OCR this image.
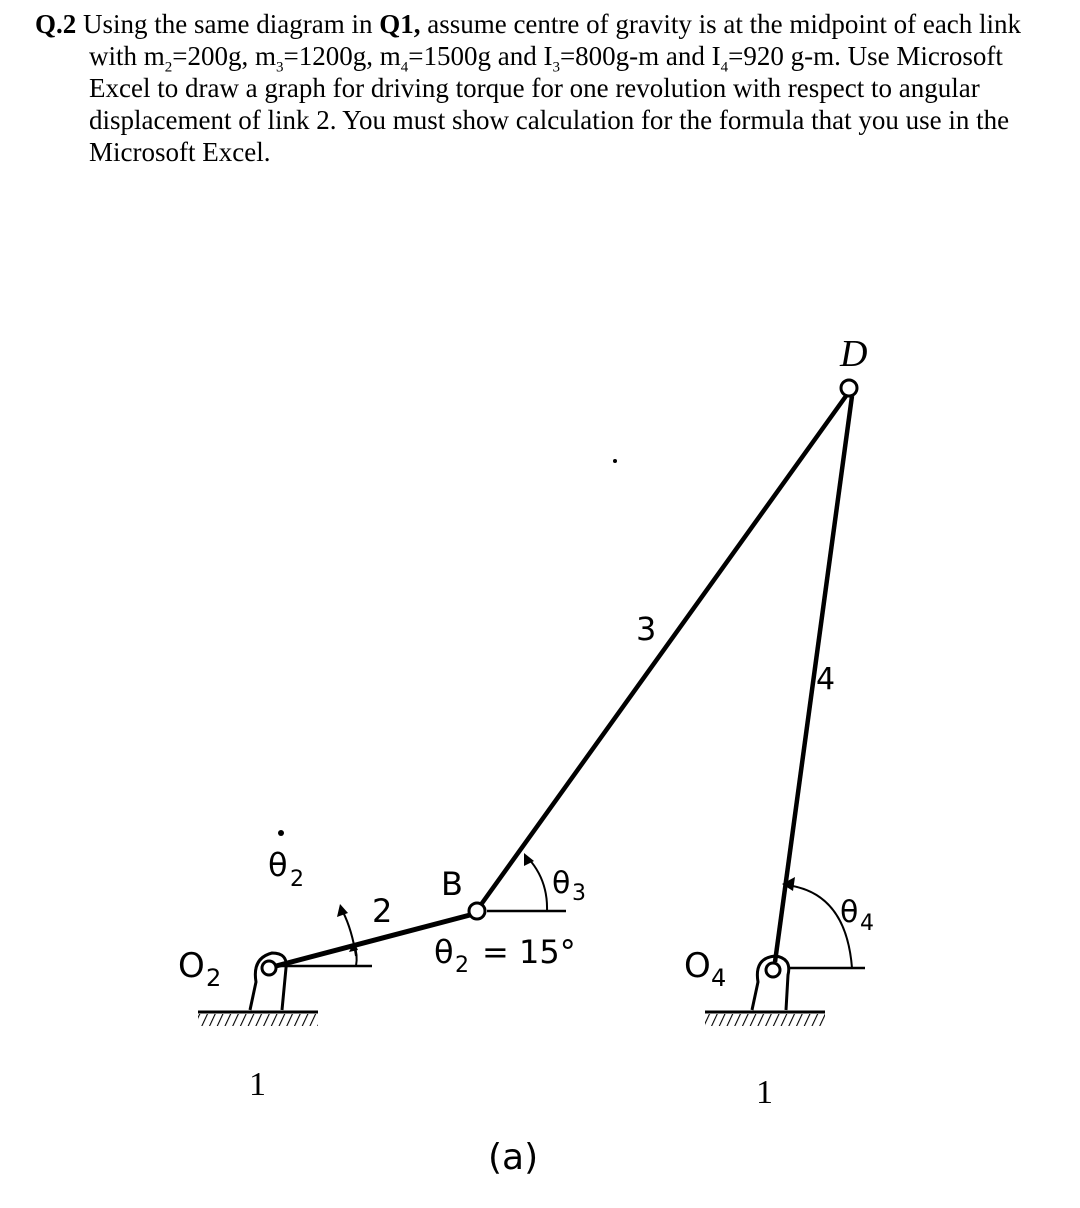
Q.2 Using the same diagram in Q1, assume centre of gravity is at the midpoint of each link with $m_2=200g$, $m_3=1200g$, $m_4=1500g$ and $I_3=800g-m$ and $I_4=920$ g-m. Use Microsoft Excel to draw a graph for driving torque for one revolution with respect to angular displacement of link 2. You must show calculation for the formula that you use in the Microsoft Excel.

D
3
4
B
2
θ 2	θ 3
θ 2 = 15°
θ 4
O 2	O 4
1	1
(a)
